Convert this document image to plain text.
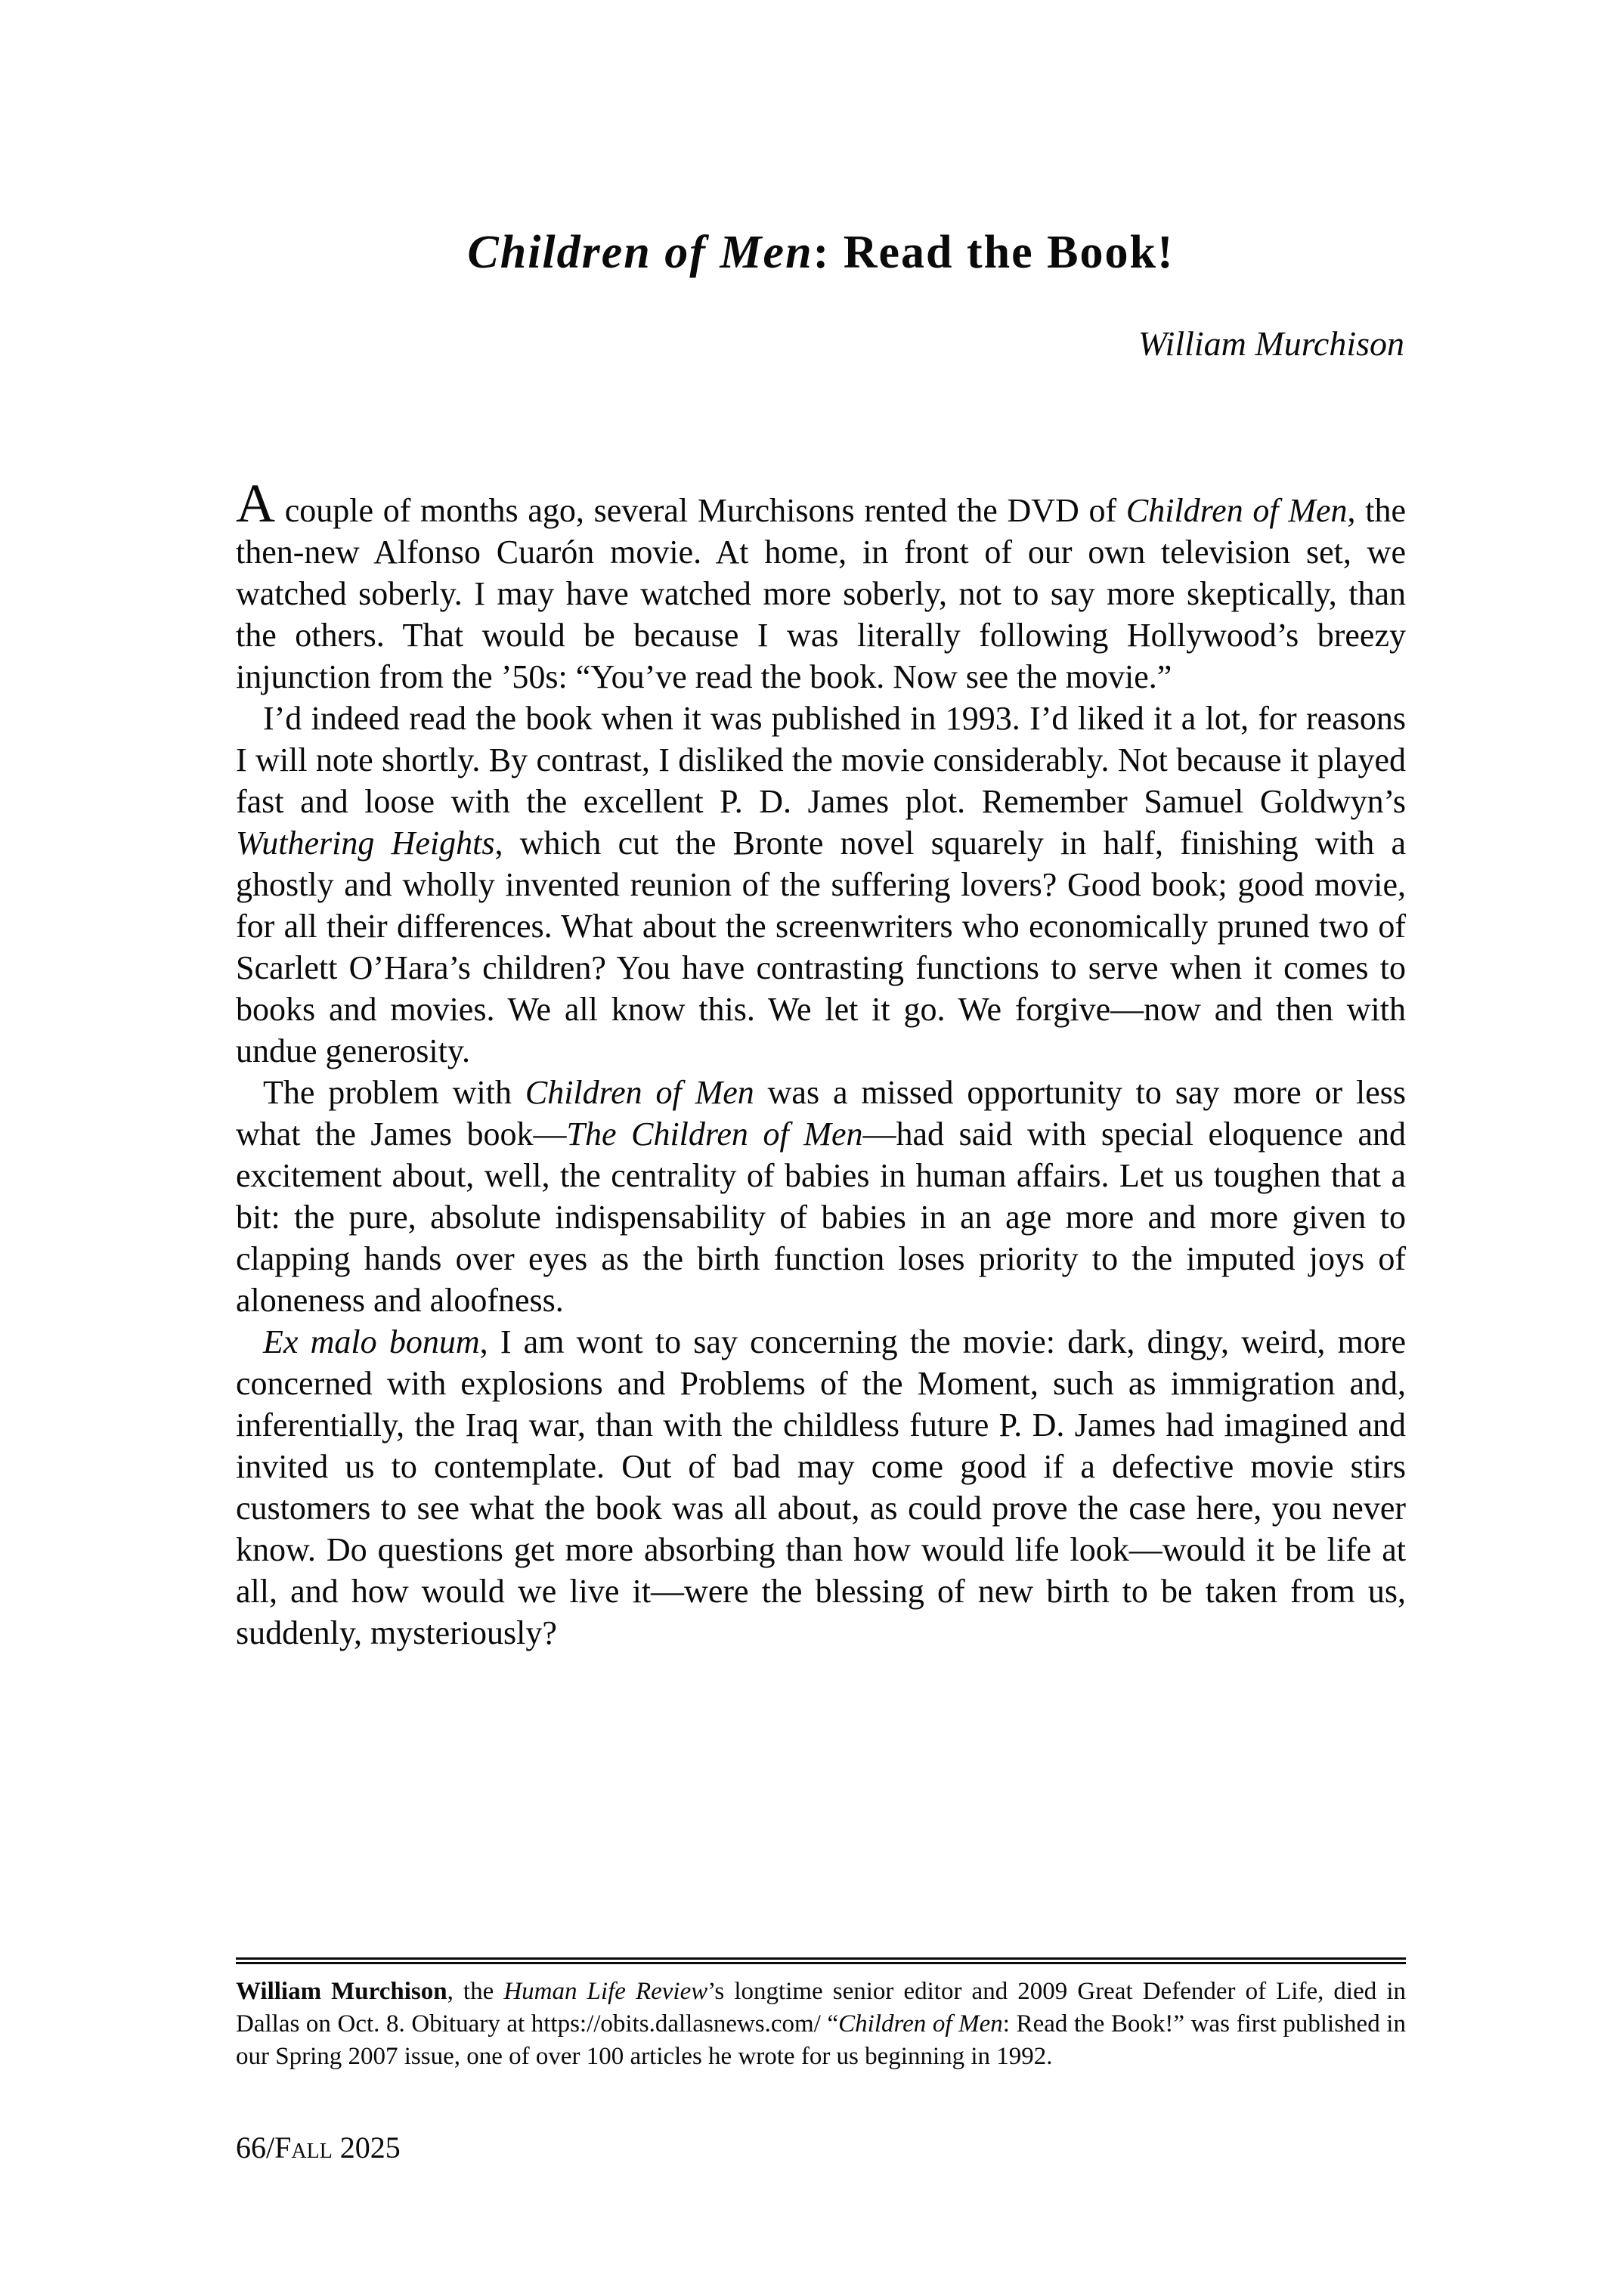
Children of Men: Read the Book!

William Murchison

A couple of months ago, several Murchisons rented the DVD of Children of Men, the then-new Alfonso Cuarón movie. At home, in front of our own television set, we watched soberly. I may have watched more soberly, not to say more skeptically, than the others. That would be because I was literally following Hollywood’s breezy injunction from the ’50s: “You’ve read the book. Now see the movie.”

I’d indeed read the book when it was published in 1993. I’d liked it a lot, for reasons I will note shortly. By contrast, I disliked the movie considerably. Not because it played fast and loose with the excellent P. D. James plot. Remember Samuel Goldwyn’s Wuthering Heights, which cut the Bronte novel squarely in half, finishing with a ghostly and wholly invented reunion of the suffering lovers? Good book; good movie, for all their differences. What about the screenwriters who economically pruned two of Scarlett O’Hara’s children? You have contrasting functions to serve when it comes to books and movies. We all know this. We let it go. We forgive—now and then with undue generosity.

The problem with Children of Men was a missed opportunity to say more or less what the James book—The Children of Men—had said with special eloquence and excitement about, well, the centrality of babies in human affairs. Let us toughen that a bit: the pure, absolute indispensability of babies in an age more and more given to clapping hands over eyes as the birth function loses priority to the imputed joys of aloneness and aloofness.

Ex malo bonum, I am wont to say concerning the movie: dark, dingy, weird, more concerned with explosions and Problems of the Moment, such as immigration and, inferentially, the Iraq war, than with the childless future P. D. James had imagined and invited us to contemplate. Out of bad may come good if a defective movie stirs customers to see what the book was all about, as could prove the case here, you never know. Do questions get more absorbing than how would life look—would it be life at all, and how would we live it—were the blessing of new birth to be taken from us, suddenly, mysteriously?

William Murchison, the Human Life Review’s longtime senior editor and 2009 Great Defender of Life, died in Dallas on Oct. 8. Obituary at https://obits.dallasnews.com/ “Children of Men: Read the Book!” was first published in our Spring 2007 issue, one of over 100 articles he wrote for us beginning in 1992.

66/Fall 2025
